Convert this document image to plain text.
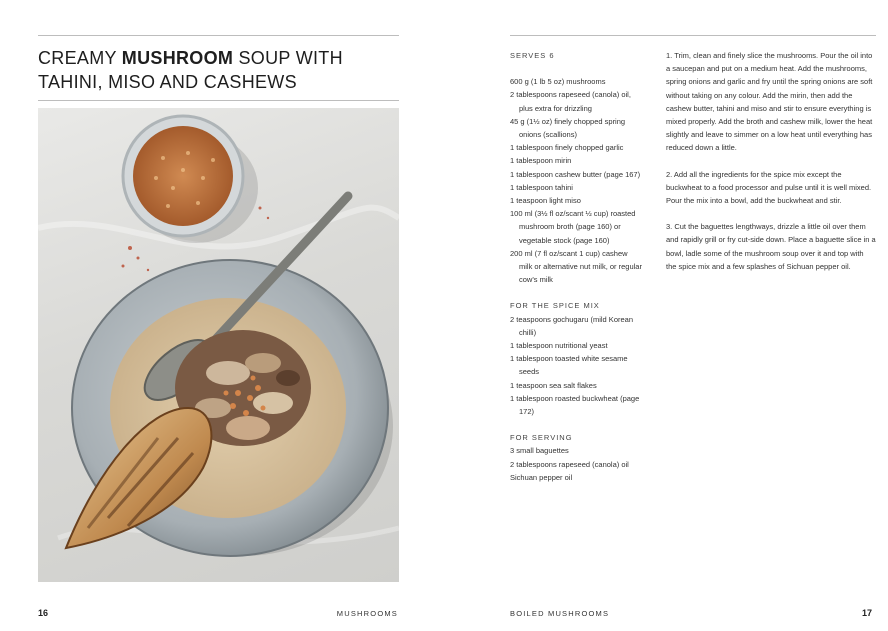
CREAMY MUSHROOM SOUP WITH TAHINI, MISO AND CASHEWS
16	MUSHROOMS

SERVES 6

600 g (1 lb 5 oz) mushrooms

2 tablespoons rapeseed (canola) oil, plus extra for drizzling

45 g (1½ oz) finely chopped spring onions (scallions)

1 tablespoon finely chopped garlic

1 tablespoon mirin

1 tablespoon cashew butter (page 167)

1 tablespoon tahini

1 teaspoon light miso

100 ml (3½ fl oz/scant ½ cup) roasted mushroom broth (page 160) or vegetable stock (page 160)

200 ml (7 fl oz/scant 1 cup) cashew milk or alternative nut milk, or regular cow's milk

FOR THE SPICE MIX

2 teaspoons gochugaru (mild Korean chilli)

1 tablespoon nutritional yeast

1 tablespoon toasted white sesame seeds

1 teaspoon sea salt flakes

1 tablespoon roasted buckwheat (page 172)

FOR SERVING

3 small baguettes

2 tablespoons rapeseed (canola) oil

Sichuan pepper oil

1. Trim, clean and finely slice the mushrooms. Pour the oil into a saucepan and put on a medium heat. Add the mushrooms, spring onions and garlic and fry until the spring onions are soft without taking on any colour. Add the mirin, then add the cashew butter, tahini and miso and stir to ensure everything is mixed properly. Add the broth and cashew milk, lower the heat slightly and leave to simmer on a low heat until everything has reduced down a little.

2. Add all the ingredients for the spice mix except the buckwheat to a food processor and pulse until it is well mixed. Pour the mix into a bowl, add the buckwheat and stir.

3. Cut the baguettes lengthways, drizzle a little oil over them and rapidly grill or fry cut-side down. Place a baguette slice in a bowl, ladle some of the mushroom soup over it and top with the spice mix and a few splashes of Sichuan pepper oil.

BOILED MUSHROOMS	17
